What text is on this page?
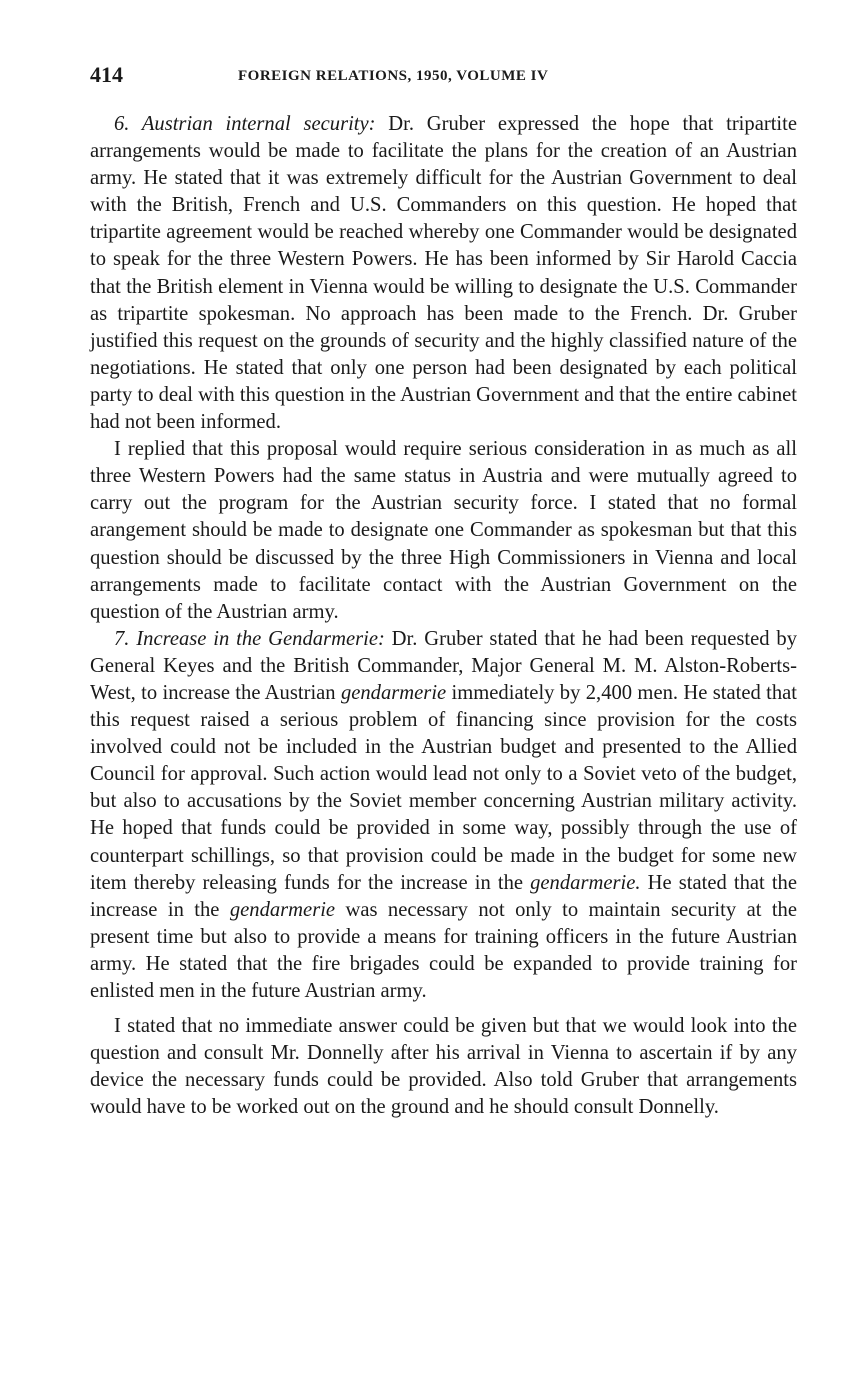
414	FOREIGN RELATIONS, 1950, VOLUME IV

6. Austrian internal security: Dr. Gruber expressed the hope that tripartite arrangements would be made to facilitate the plans for the creation of an Austrian army. He stated that it was extremely difficult for the Austrian Government to deal with the British, French and U.S. Commanders on this question. He hoped that tripartite agreement would be reached whereby one Commander would be designated to speak for the three Western Powers. He has been informed by Sir Harold Caccia that the British element in Vienna would be willing to designate the U.S. Commander as tripartite spokesman. No approach has been made to the French. Dr. Gruber justified this request on the grounds of security and the highly classified nature of the negotiations. He stated that only one person had been designated by each political party to deal with this question in the Austrian Government and that the entire cabinet had not been informed.

I replied that this proposal would require serious consideration in as much as all three Western Powers had the same status in Austria and were mutually agreed to carry out the program for the Austrian security force. I stated that no formal arangement should be made to designate one Commander as spokesman but that this question should be discussed by the three High Commissioners in Vienna and local arrangements made to facilitate contact with the Austrian Government on the question of the Austrian army.

7. Increase in the Gendarmerie: Dr. Gruber stated that he had been requested by General Keyes and the British Commander, Major General M. M. Alston-Roberts-West, to increase the Austrian gendarmerie immediately by 2,400 men. He stated that this request raised a serious problem of financing since provision for the costs involved could not be included in the Austrian budget and presented to the Allied Council for approval. Such action would lead not only to a Soviet veto of the budget, but also to accusations by the Soviet member concerning Austrian military activity. He hoped that funds could be provided in some way, possibly through the use of counterpart schillings, so that provision could be made in the budget for some new item thereby releasing funds for the increase in the gendarmerie. He stated that the increase in the gendarmerie was necessary not only to maintain security at the present time but also to provide a means for training officers in the future Austrian army. He stated that the fire brigades could be expanded to provide training for enlisted men in the future Austrian army.

I stated that no immediate answer could be given but that we would look into the question and consult Mr. Donnelly after his arrival in Vienna to ascertain if by any device the necessary funds could be provided. Also told Gruber that arrangements would have to be worked out on the ground and he should consult Donnelly.
